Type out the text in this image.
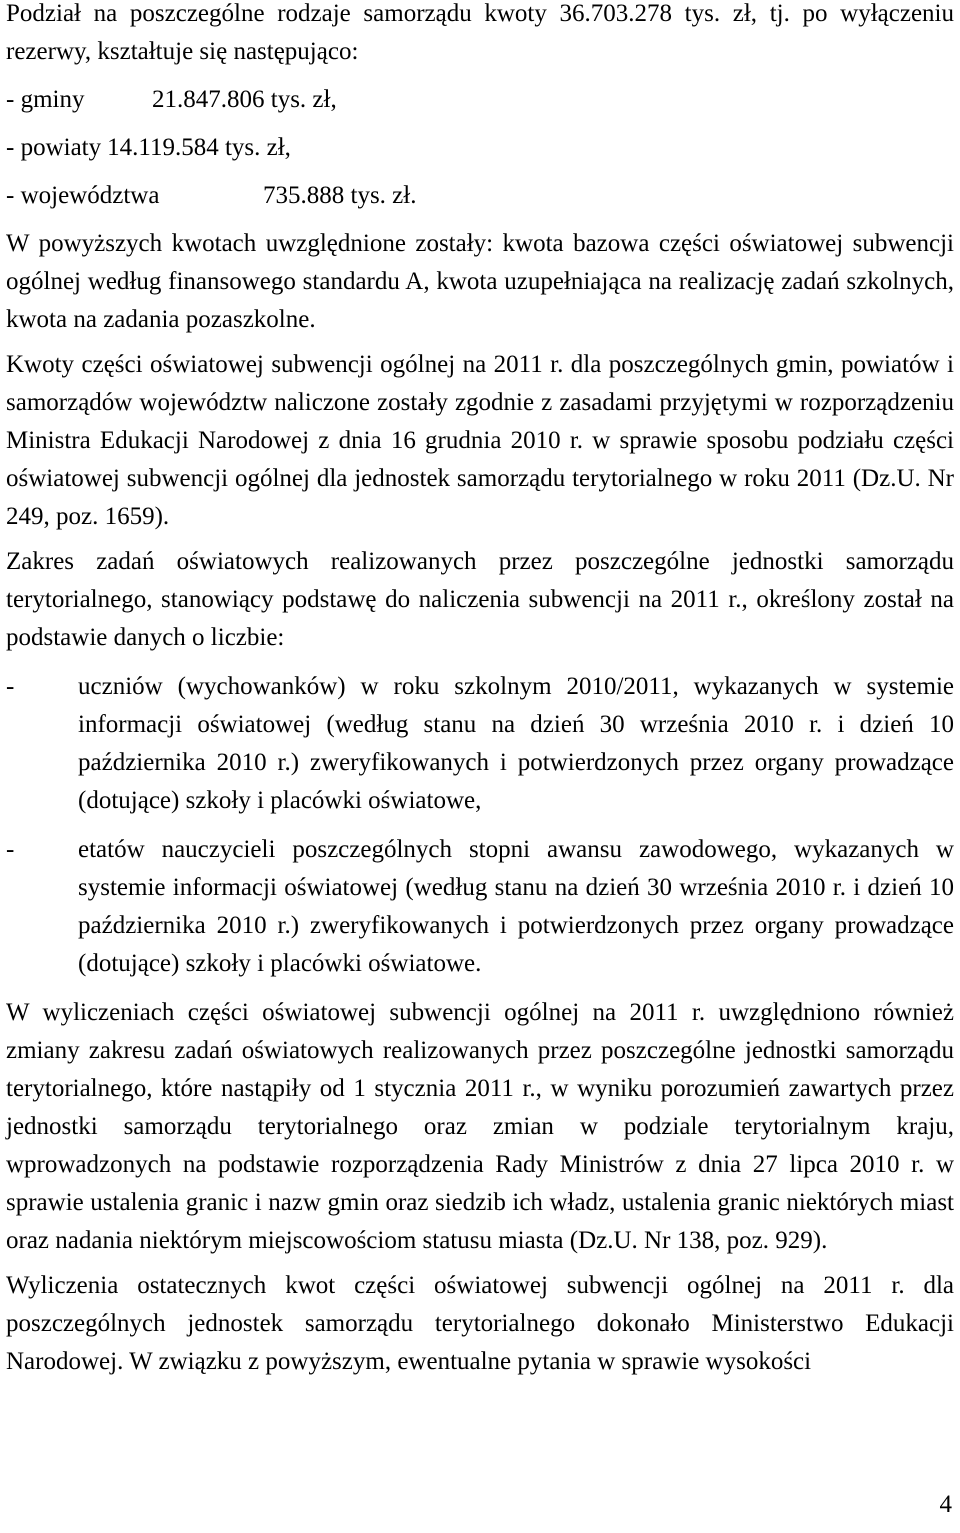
Podział na poszczególne rodzaje samorządu kwoty 36.703.278 tys. zł, tj. po wyłączeniu rezerwy, kształtuje się następująco:

- gminy	21.847.806 tys. zł,
- powiaty 14.119.584 tys. zł,
- województwa	735.888 tys. zł.

W powyższych kwotach uwzględnione zostały: kwota bazowa części oświatowej subwencji ogólnej według finansowego standardu A, kwota uzupełniająca na realizację zadań szkolnych, kwota na zadania pozaszkolne.

Kwoty części oświatowej subwencji ogólnej na 2011 r. dla poszczególnych gmin, powiatów i samorządów województw naliczone zostały zgodnie z zasadami przyjętymi w rozporządzeniu Ministra Edukacji Narodowej z dnia 16 grudnia 2010 r. w sprawie sposobu podziału części oświatowej subwencji ogólnej dla jednostek samorządu terytorialnego w roku 2011 (Dz.U. Nr 249, poz. 1659).

Zakres zadań oświatowych realizowanych przez poszczególne jednostki samorządu terytorialnego, stanowiący podstawę do naliczenia subwencji na 2011 r., określony został na podstawie danych o liczbie:

-	uczniów (wychowanków) w roku szkolnym 2010/2011, wykazanych w systemie informacji oświatowej (według stanu na dzień 30 września 2010 r. i dzień 10 października 2010 r.) zweryfikowanych i potwierdzonych przez organy prowadzące (dotujące) szkoły i placówki oświatowe,
-	etatów nauczycieli poszczególnych stopni awansu zawodowego, wykazanych w systemie informacji oświatowej (według stanu na dzień 30 września 2010 r. i dzień 10 października 2010 r.) zweryfikowanych i potwierdzonych przez organy prowadzące (dotujące) szkoły i placówki oświatowe.

W wyliczeniach części oświatowej subwencji ogólnej na 2011 r. uwzględniono również zmiany zakresu zadań oświatowych realizowanych przez poszczególne jednostki samorządu terytorialnego, które nastąpiły od 1 stycznia 2011 r., w wyniku porozumień zawartych przez jednostki samorządu terytorialnego oraz zmian w podziale terytorialnym kraju, wprowadzonych na podstawie rozporządzenia Rady Ministrów z dnia 27 lipca 2010 r. w sprawie ustalenia granic i nazw gmin oraz siedzib ich władz, ustalenia granic niektórych miast oraz nadania niektórym miejscowościom statusu miasta (Dz.U. Nr 138, poz. 929).

Wyliczenia ostatecznych kwot części oświatowej subwencji ogólnej na 2011 r. dla poszczególnych jednostek samorządu terytorialnego dokonało Ministerstwo Edukacji Narodowej. W związku z powyższym, ewentualne pytania w sprawie wysokości

4
